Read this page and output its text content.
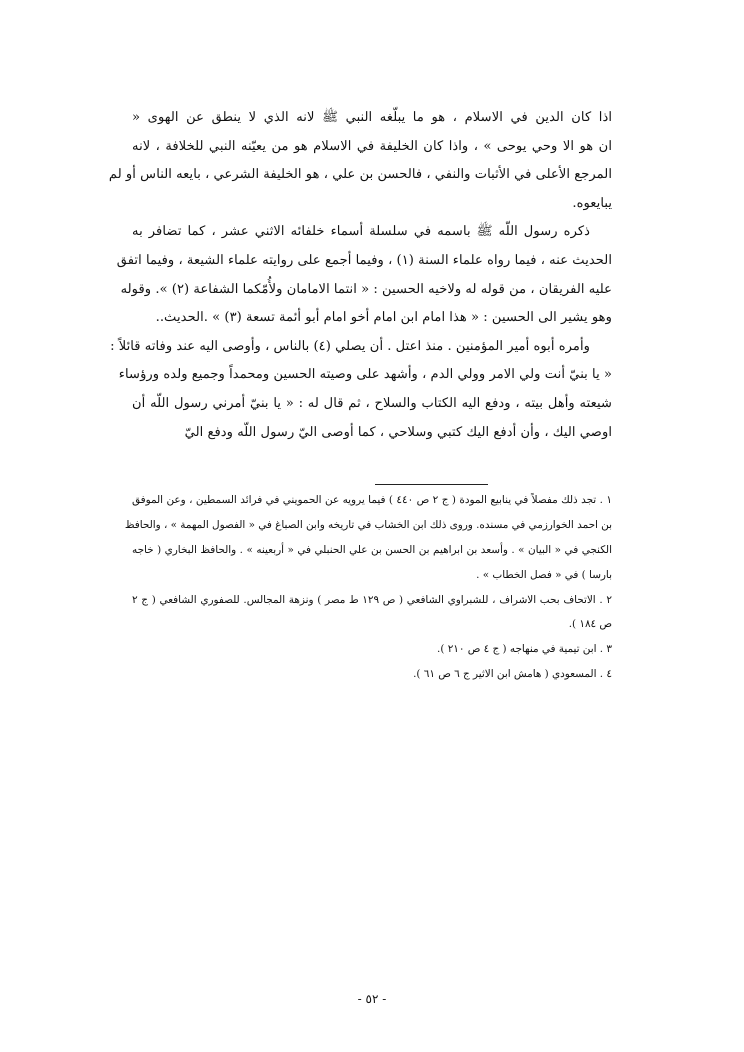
اذا كان الدين في الاسلام ، هو ما يبلّغه النبي ﷺ لانه الذي لا ينطق عن الهوى «
ان هو الا وحي يوحى » ، واذا كان الخليفة في الاسلام هو من يعيّنه النبي للخلافة ، لانه
المرجع الأعلى في الأثبات والنفي ، فالحسن بن علي ، هو الخليفة الشرعي ، بايعه الناس أو لم
يبايعوه.
ذكره رسول اللّه ﷺ باسمه في سلسلة أسماء خلفائه الاثني عشر ، كما تضافر به
الحديث عنه ، فيما رواه علماء السنة (١) ، وفيما أجمع على روايته علماء الشيعة ، وفيما اتفق
عليه الفريقان ، من قوله له ولاخيه الحسين : « انتما الامامان ولأُمّكما الشفاعة (٢) ». وقوله
وهو يشير الى الحسين : « هذا امام ابن امام أخو امام أبو أئمة تسعة (٣) » .الحديث..
وأمره أبوه أمير المؤمنين . منذ اعتل . أن يصلي (٤) بالناس ، وأوصى اليه عند وفاته قائلاً :
« يا بنيّ أنت ولي الامر وولي الدم ، وأشهد على وصيته الحسين ومحمداً وجميع ولده ورؤساء
شيعته وأهل بيته ، ودفع اليه الكتاب والسلاح ، ثم قال له : « يا بنيّ أمرني رسول اللّه أن
اوصي اليك ، وأن أدفع اليك كتبي وسلاحي ، كما أوصى اليّ رسول اللّه ودفع اليّ
١ . تجد ذلك مفصلاً في ينابيع المودة ( ج ٢ ص ٤٤٠ ) فيما يرويه عن الحمويني في فرائد السمطين ، وعن الموفق
بن احمد الخوارزمي في مسنده. وروى ذلك ابن الخشاب في تاريخه وابن الصباغ في « الفصول المهمة » ، والحافظ
الكنجي في « البيان » . وأسعد بن ابراهيم بن الحسن بن علي الحنبلي في « أربعينه » . والحافظ البخاري ( خاجه
بارسا ) في « فصل الخطاب » .
٢ . الاتحاف بحب الاشراف ، للشبراوي الشافعي ( ص ١٢٩ ط مصر ) ونزهة المجالس. للصفوري الشافعي ( ج ٢
ص ١٨٤ ).
٣ . ابن تيمية في منهاجه ( ج ٤ ص ٢١٠ ).
٤ . المسعودي ( هامش ابن الاثير ج ٦ ص ٦١ ).
- ٥٢ -
